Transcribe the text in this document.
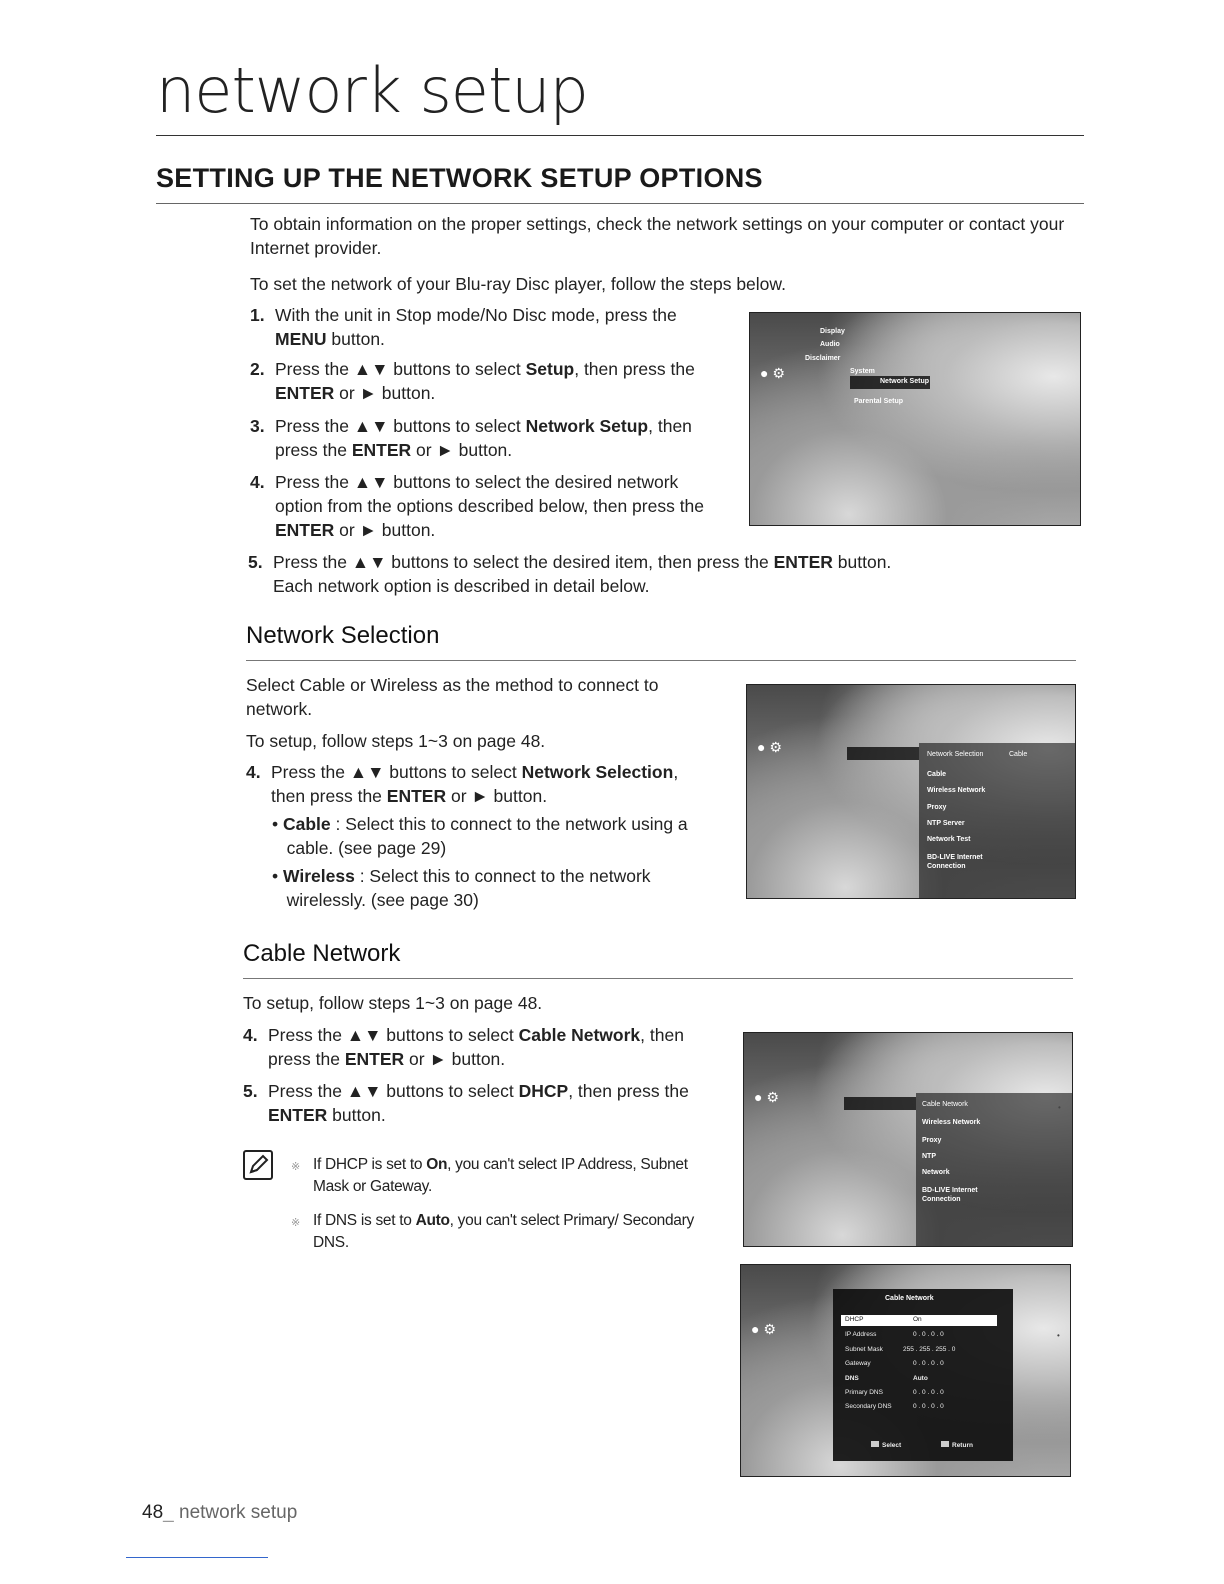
network setup
SETTING UP THE NETWORK SETUP OPTIONS
To obtain information on the proper settings, check the network settings on your computer or contact your Internet provider.
To set the network of your Blu-ray Disc player, follow the steps below.
1. With the unit in Stop mode/No Disc mode, press the
MENU button.
2. Press the ▲▼ buttons to select Setup, then press the
ENTER or ► button.
3. Press the ▲▼ buttons to select Network Setup, then press the ENTER or ► button.
4. Press the ▲▼ buttons to select the desired network option from the options described below, then press the ENTER or ► button.
5. Press the ▲▼ buttons to select the desired item, then press the ENTER button.
Each network option is described in detail below.
● ⚙
Display
Audio
Disclaimer
System
Network Setup
Parental Setup
Network Selection
Select Cable or Wireless as the method to connect to network.
To setup, follow steps 1~3 on page 48.
4. Press the ▲▼ buttons to select Network Selection,
then press the ENTER or ► button.
• Cable : Select this to connect to the network using a
cable. (see page 29)
• Wireless : Select this to connect to the network
wirelessly. (see page 30)
● ⚙	Network Selection	Cable
Cable
Wireless Network
Proxy
NTP Server
Network Test
BD-LIVE Internet
Connection
Cable Network
To setup, follow steps 1~3 on page 48.
4. Press the ▲▼ buttons to select Cable Network, then
press the ENTER or ► button.
5. Press the ▲▼ buttons to select DHCP, then press the
ENTER button.
※ If DHCP is set to On, you can't select IP Address, Subnet
Mask or Gateway.
※ If DNS is set to Auto, you can't select Primary/ Secondary
DNS.
● ⚙	Cable Network
Wireless Network
Proxy
NTP
Network
BD-LIVE Internet
Connection
•
● ⚙
Cable Network
DHCP	On
IP Address	0 . 0 . 0 . 0
Subnet Mask	255 . 255 . 255 . 0
Gateway	0 . 0 . 0 . 0
DNS	Auto
Primary DNS	0 . 0 . 0 . 0
Secondary DNS	0 . 0 . 0 . 0
Select	Return
•
48_ network setup
